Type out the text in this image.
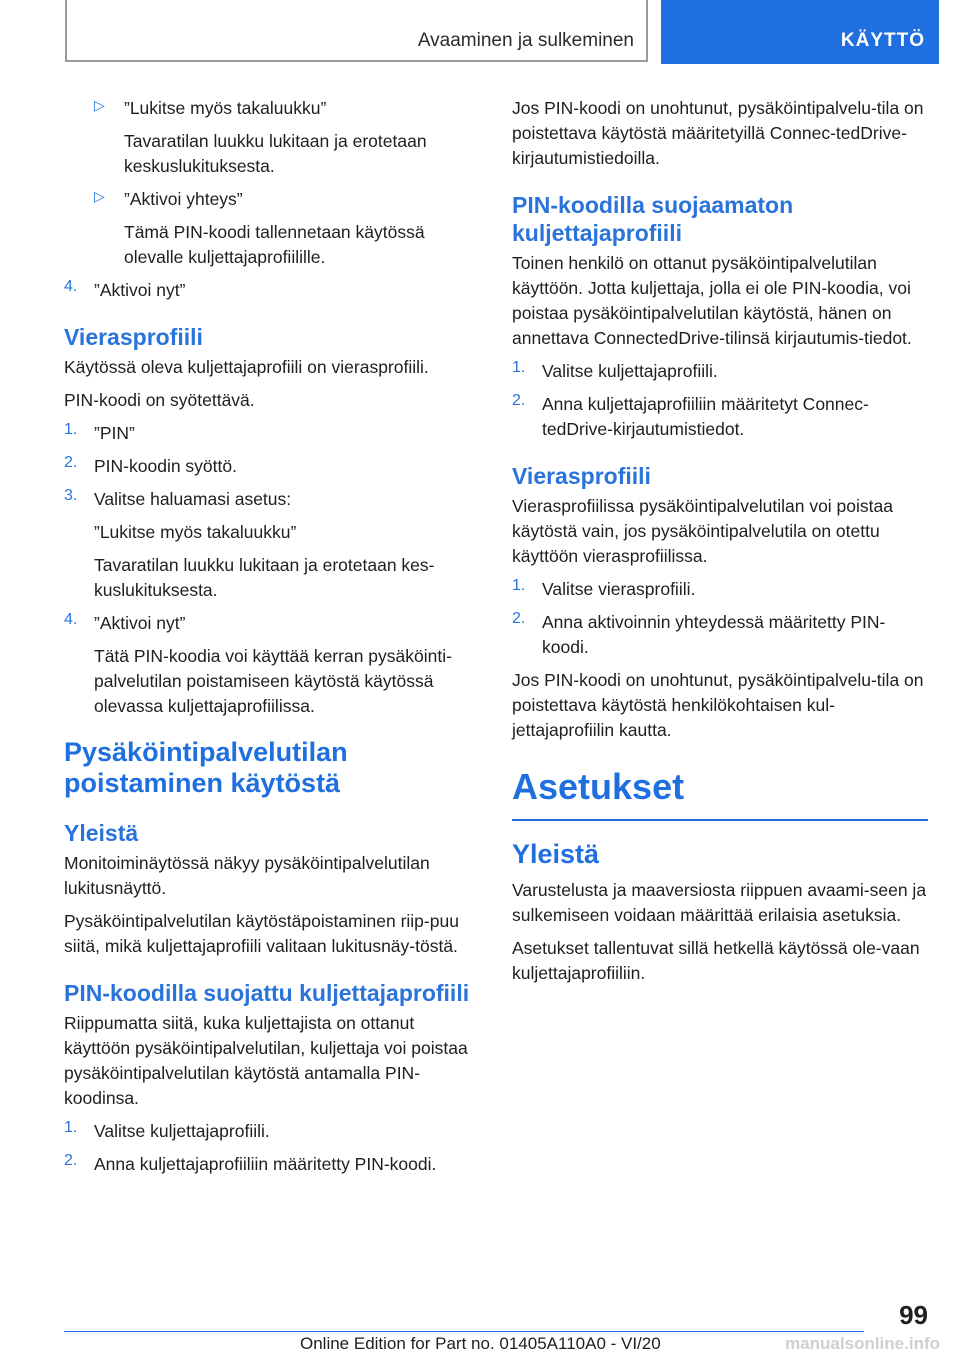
Avaaminen ja sulkeminen	KÄYTTÖ
▷ ”Lukitse myös takaluukku”

Tavaratilan luukku lukitaan ja erotetaan keskuslukituksesta.

▷ ”Aktivoi yhteys”

Tämä PIN-koodi tallennetaan käytössä olevalle kuljettajaprofiilille.

4. ”Aktivoi nyt”

Vierasprofiili

Käytössä oleva kuljettajaprofiili on vierasprofiili.

PIN-koodi on syötettävä.

1. ”PIN”

2. PIN-koodin syöttö.

3. Valitse haluamasi asetus:

”Lukitse myös takaluukku”

Tavaratilan luukku lukitaan ja erotetaan kes-kuslukituksesta.

4. ”Aktivoi nyt”

Tätä PIN-koodia voi käyttää kerran pysäköinti-palvelutilan poistamiseen käytöstä käytössä olevassa kuljettajaprofiilissa.

Pysäköintipalvelutilan poistaminen käytöstä
Yleistä

Monitoiminäytössä näkyy pysäköintipalvelutilan lukitusnäyttö.

Pysäköintipalvelutilan käytöstäpoistaminen riip-puu siitä, mikä kuljettajaprofiili valitaan lukitusnäy-töstä.

PIN-koodilla suojattu kuljettajaprofiili

Riippumatta siitä, kuka kuljettajista on ottanut käyttöön pysäköintipalvelutilan, kuljettaja voi poistaa pysäköintipalvelutilan käytöstä antamalla PIN-koodinsa.

1. Valitse kuljettajaprofiili.

2. Anna kuljettajaprofiiliin määritetty PIN-koodi.

Jos PIN-koodi on unohtunut, pysäköintipalvelu-tila on poistettava käytöstä määritetyillä Connec-tedDrive-kirjautumistiedoilla.

PIN-koodilla suojaamaton kuljettajaprofiili

Toinen henkilö on ottanut pysäköintipalvelutilan käyttöön. Jotta kuljettaja, jolla ei ole PIN-koodia, voi poistaa pysäköintipalvelutilan käytöstä, hänen on annettava ConnectedDrive-tilinsä kirjautumis-tiedot.

1. Valitse kuljettajaprofiili.

2. Anna kuljettajaprofiiliin määritetyt Connec-tedDrive-kirjautumistiedot.

Vierasprofiili

Vierasprofiilissa pysäköintipalvelutilan voi poistaa käytöstä vain, jos pysäköintipalvelutila on otettu käyttöön vierasprofiilissa.

1. Valitse vierasprofiili.

2. Anna aktivoinnin yhteydessä määritetty PIN-koodi.

Jos PIN-koodi on unohtunut, pysäköintipalvelu-tila on poistettava käytöstä henkilökohtaisen kul-jettajaprofiilin kautta.

Asetukset
Yleistä

Varustelusta ja maaversiosta riippuen avaami-seen ja sulkemiseen voidaan määrittää erilaisia asetuksia.

Asetukset tallentuvat sillä hetkellä käytössä ole-vaan kuljettajaprofiiliin.

99
Online Edition for Part no. 01405A110A0 - VI/20	manualsonline.info
